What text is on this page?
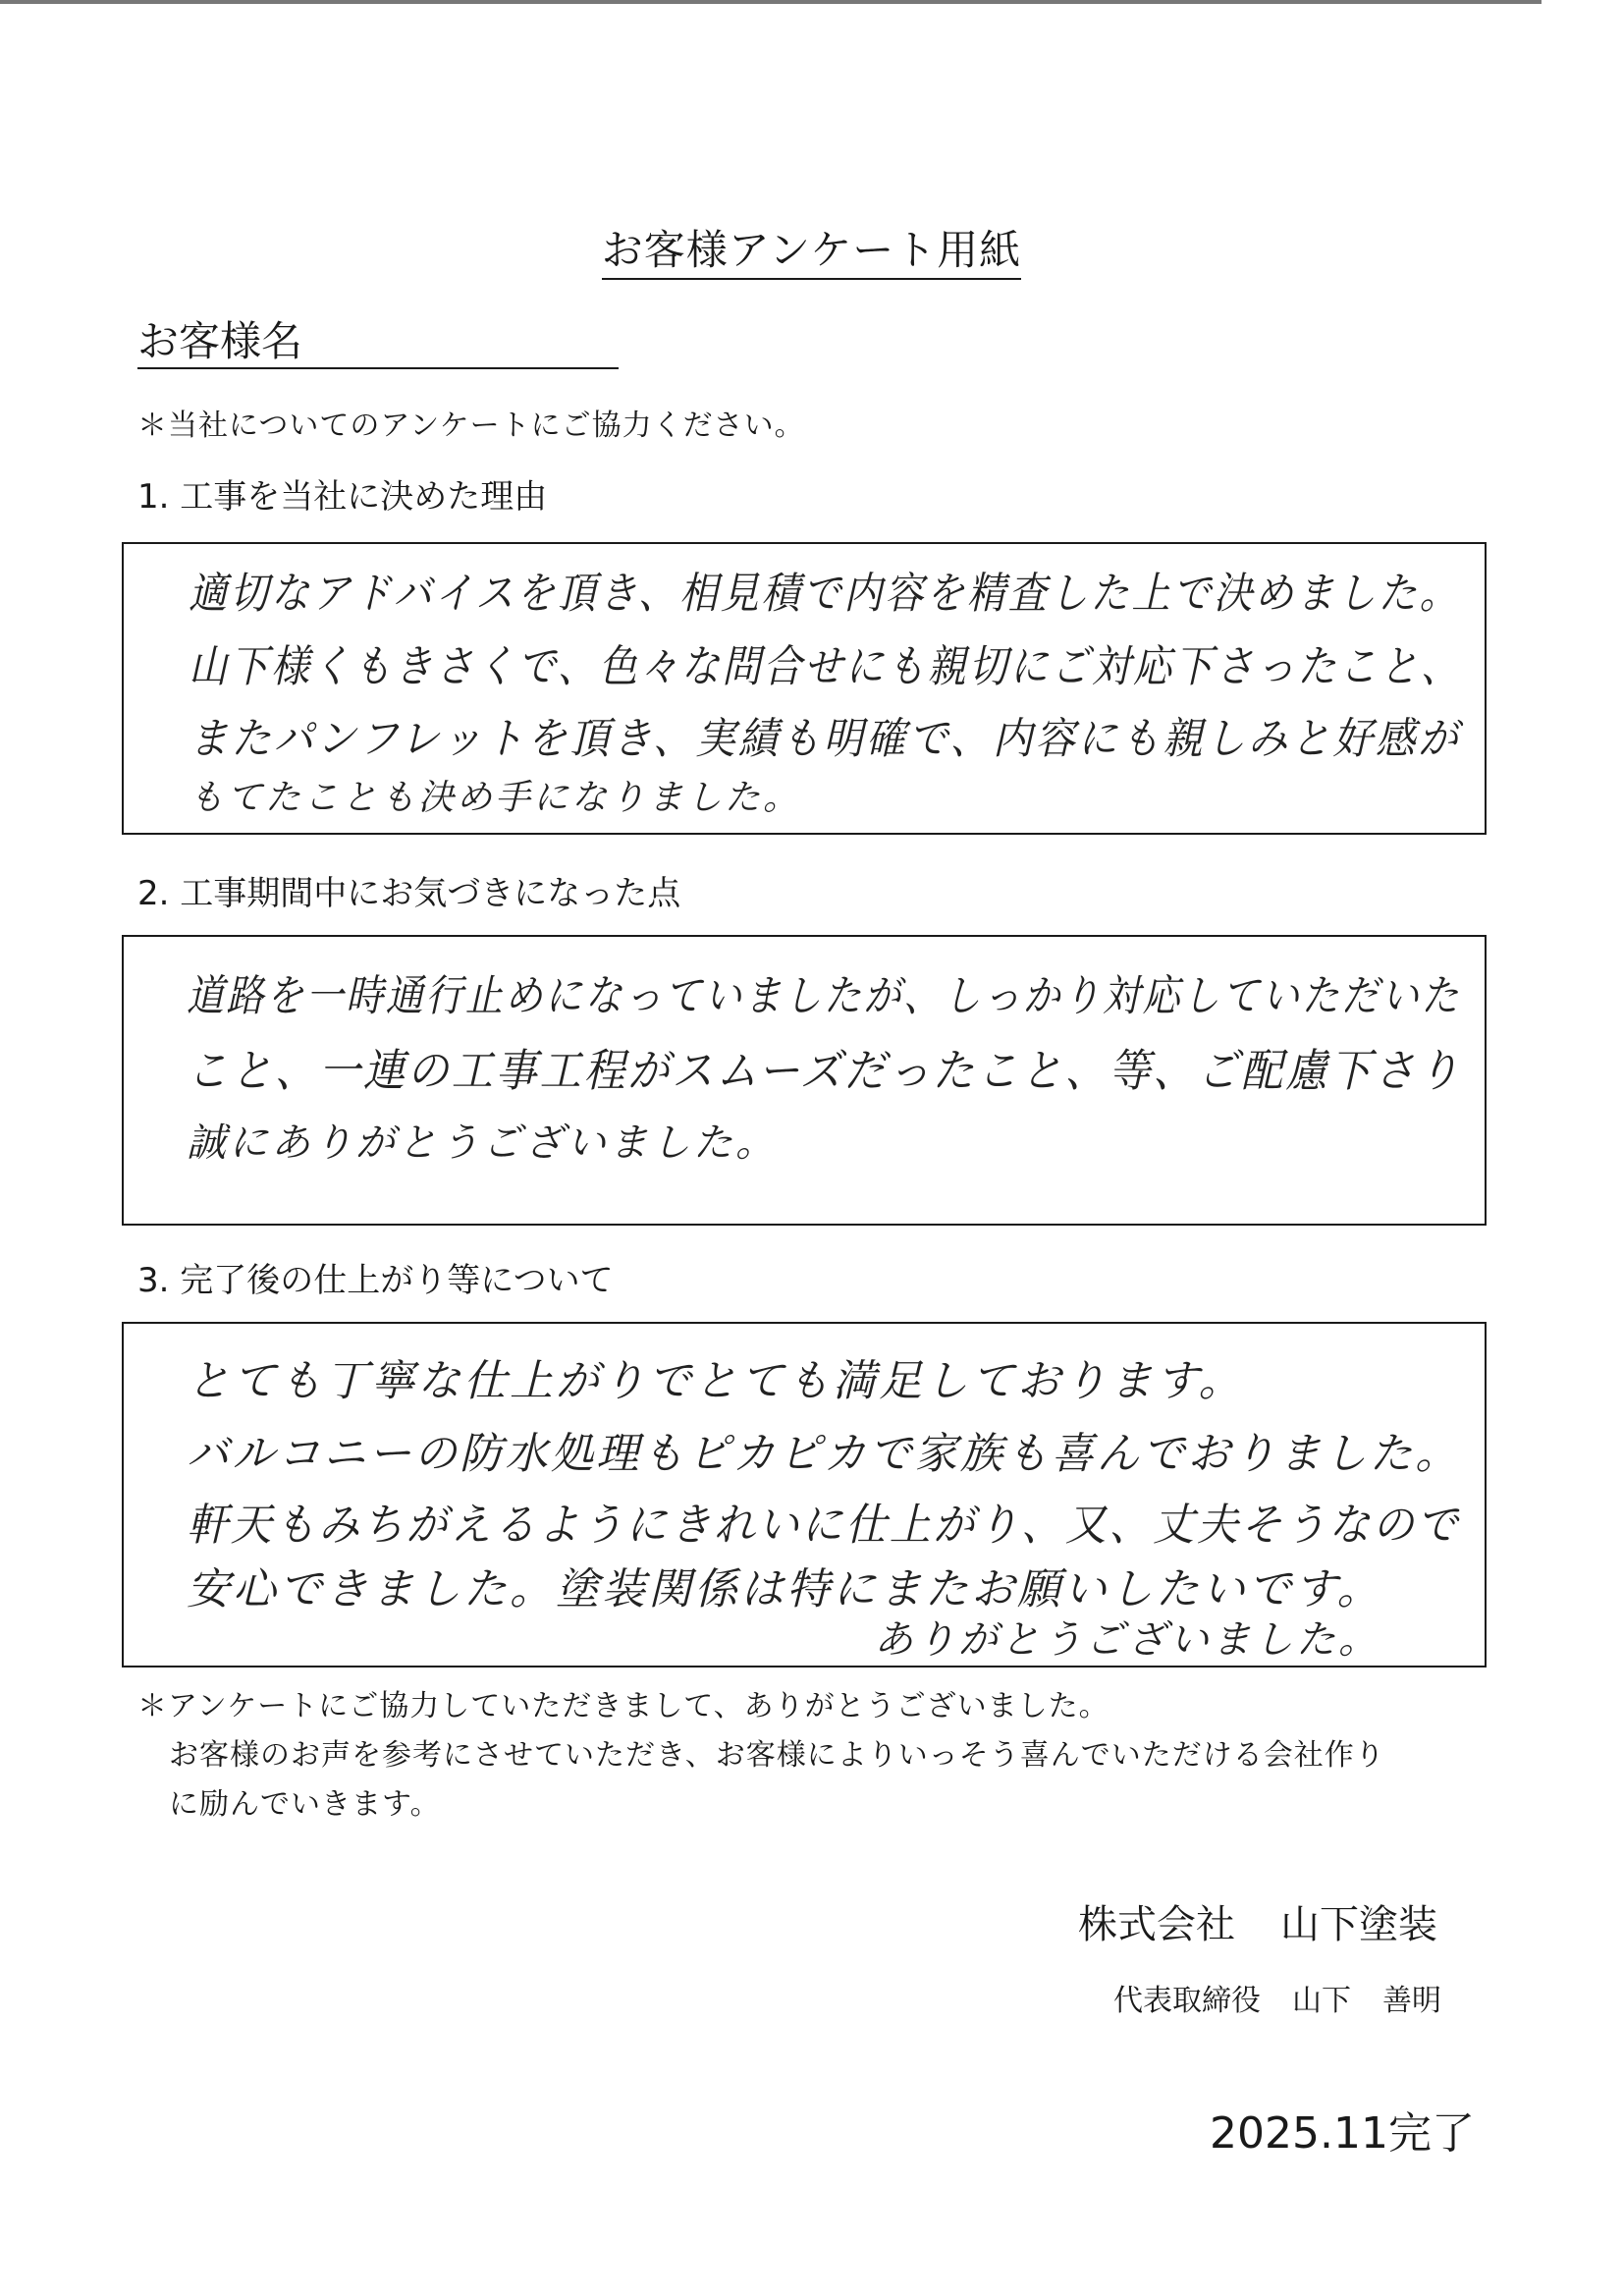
お客様アンケート用紙
お客様名
＊当社についてのアンケートにご協力ください。
1. 工事を当社に決めた理由
適切なアドバイスを頂き、相見積で内容を精査した上で決めました。
山下様くもきさくで、色々な問合せにも親切にご対応下さったこと、
またパンフレットを頂き、実績も明確で、内容にも親しみと好感が
もてたことも決め手になりました。
2. 工事期間中にお気づきになった点
道路を一時通行止めになっていましたが、しっかり対応していただいた
こと、一連の工事工程がスムーズだったこと、等、ご配慮下さり
誠にありがとうございました。
3. 完了後の仕上がり等について
とても丁寧な仕上がりでとても満足しております。
バルコニーの防水処理もピカピカで家族も喜んでおりました。
軒天もみちがえるようにきれいに仕上がり、又、丈夫そうなので
安心できました。塗装関係は特にまたお願いしたいです。
ありがとうございました。
＊アンケートにご協力していただきまして、ありがとうございました。
お客様のお声を参考にさせていただき、お客様によりいっそう喜んでいただける会社作り
に励んでいきます。
株式会社 山下塗装
代表取締役 山下 善明
2025.11完了
